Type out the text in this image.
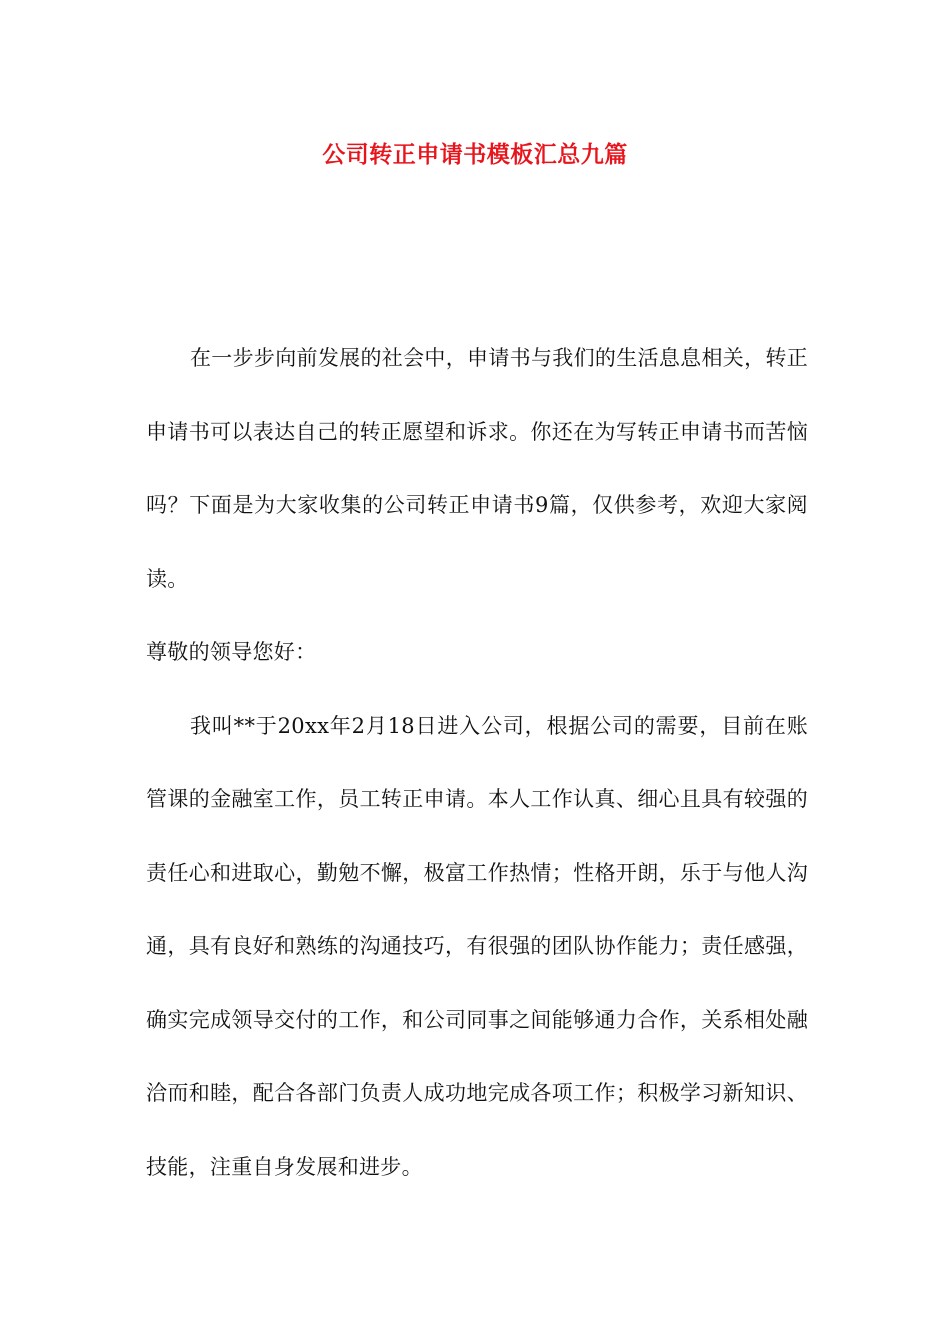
公司转正申请书模板汇总九篇

在一步步向前发展的社会中，申请书与我们的生活息息相关，转正申请书可以表达自己的转正愿望和诉求。你还在为写转正申请书而苦恼吗？下面是为大家收集的公司转正申请书9篇，仅供参考，欢迎大家阅读。

尊敬的领导您好：

我叫**于20xx年2月18日进入公司，根据公司的需要，目前在账管课的金融室工作，员工转正申请。本人工作认真、细心且具有较强的责任心和进取心，勤勉不懈，极富工作热情；性格开朗，乐于与他人沟通，具有良好和熟练的沟通技巧，有很强的团队协作能力；责任感强，确实完成领导交付的工作，和公司同事之间能够通力合作，关系相处融洽而和睦，配合各部门负责人成功地完成各项工作；积极学习新知识、技能，注重自身发展和进步。
